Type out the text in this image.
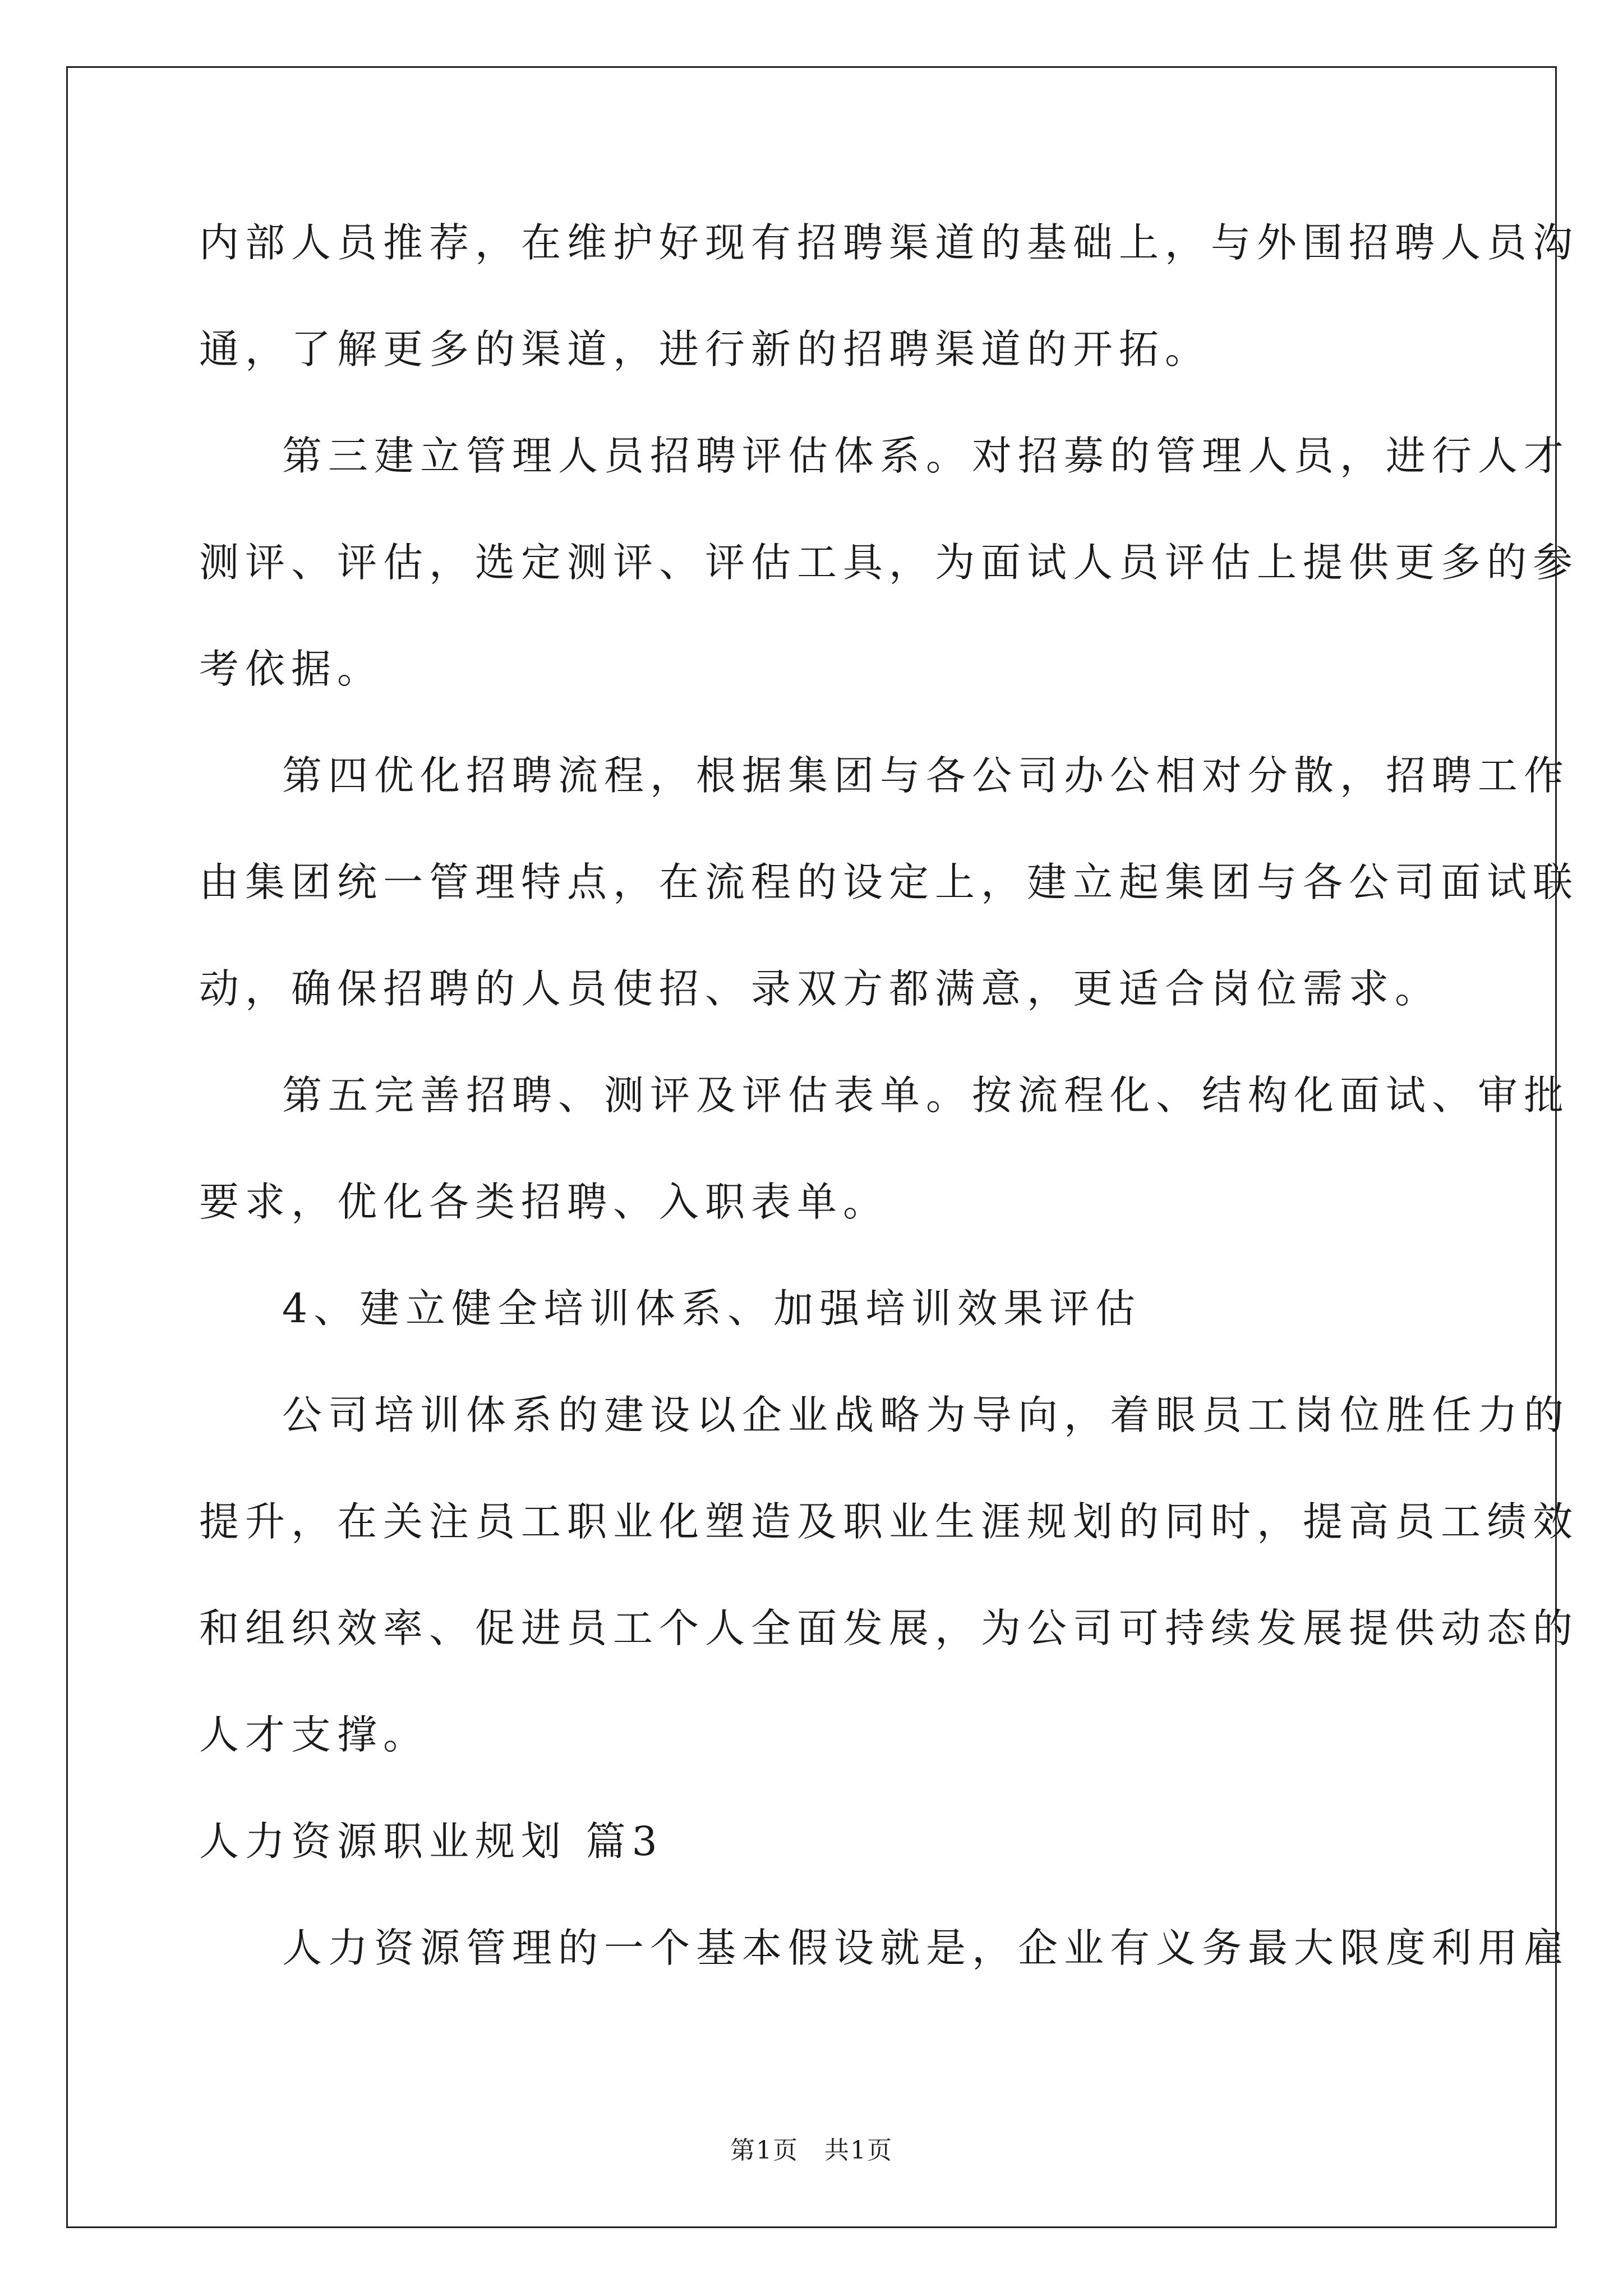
内部人员推荐，在维护好现有招聘渠道的基础上，与外围招聘人员沟

通，了解更多的渠道，进行新的招聘渠道的开拓。

第三建立管理人员招聘评估体系。对招募的管理人员，进行人才

测评、评估，选定测评、评估工具，为面试人员评估上提供更多的参

考依据。

第四优化招聘流程，根据集团与各公司办公相对分散，招聘工作

由集团统一管理特点，在流程的设定上，建立起集团与各公司面试联

动，确保招聘的人员使招、录双方都满意，更适合岗位需求。

第五完善招聘、测评及评估表单。按流程化、结构化面试、审批

要求，优化各类招聘、入职表单。

4、建立健全培训体系、加强培训效果评估

公司培训体系的建设以企业战略为导向，着眼员工岗位胜任力的

提升，在关注员工职业化塑造及职业生涯规划的同时，提高员工绩效

和组织效率、促进员工个人全面发展，为公司可持续发展提供动态的

人才支撑。

人力资源职业规划 篇3

人力资源管理的一个基本假设就是，企业有义务最大限度利用雇

第1页　共1页
